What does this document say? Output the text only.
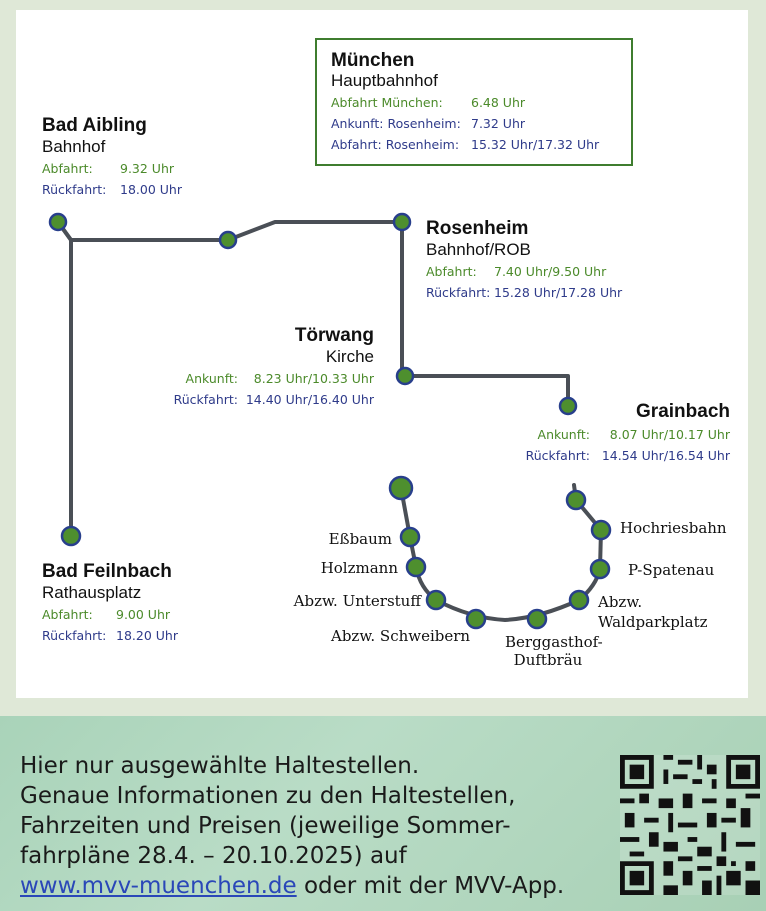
München
Hauptbahnhof
Abfahrt München: 6.48 Uhr
Ankunft: Rosenheim: 7.32 Uhr
Abfahrt: Rosenheim: 15.32 Uhr/17.32 Uhr
Bad Aibling
Bahnhof
Abfahrt: 9.32 Uhr
Rückfahrt: 18.00 Uhr
Rosenheim
Bahnhof/ROB
Abfahrt: 7.40 Uhr/9.50 Uhr
Rückfahrt: 15.28 Uhr/17.28 Uhr
Törwang
Kirche
Ankunft: 8.23 Uhr/10.33 Uhr
Rückfahrt: 14.40 Uhr/16.40 Uhr
Grainbach
Ankunft: 8.07 Uhr/10.17 Uhr
Rückfahrt: 14.54 Uhr/16.54 Uhr
Bad Feilnbach
Rathausplatz
Abfahrt: 9.00 Uhr
Rückfahrt: 18.20 Uhr
Eßbaum
Holzmann
Abzw. Unterstuff
Abzw. Schweibern Berggasthof-
Duftbräu
Abzw.
Waldparkplatz
P-Spatenau
Hochriesbahn
Hier nur ausgewählte Haltestellen.
Genaue Informationen zu den Haltestellen,
Fahrzeiten und Preisen (jeweilige Sommer-
fahrpläne 28.4. – 20.10.2025) auf
www.mvv-muenchen.de oder mit der MVV-App.
